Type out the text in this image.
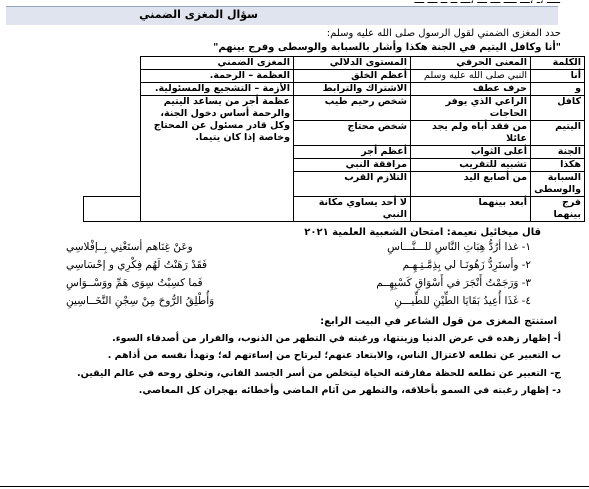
سؤال المغزى الضمني
حدد المغزى الضمني لقول الرسول صلى الله عليه وسلم:
"أنا وكافل اليتيم في الجنة هكذا وأشار بالسبابة والوسطى وفرج بينهم"
الكلمة	المعنى الحرفي	المستوى الدلالي	المغزى الضمني	
أنا	النبي صلى الله عليه وسلم	أعظم الخلق	العظمة – الرحمة.	
و	حرف عطف	الاشتراك والترابط	الأزمة – التشجيع والمسئولية.	
كافل	الراعي الذي يوفر الحاجات	شخص رحيم طيب	عظمة أجر من يساعد اليتيم والرحمة أساس دخول الجنة، وكل قادر مسئول عن المحتاج وخاصة إذا كان يتيما.	
اليتيم	من فقد أباه ولم يجد عائلا	شخص محتاج		
الجنة	أعلى الثواب	أعظم أجر		
هكذا	تشبيه للتقريب	مرافقة النبي		
السبابة والوسطى	من أصابع اليد	التلازم القرب		
فرج بينهما	أبعد بينهما	لا أحد يساوي مكانة النبي		
قال ميخائيل نعيمة: امتحان الشعبية العلمية ٢٠٢١
١- غذا أرُدُّ هِبَاتِ النَّاسِ للـــنَّـــاسِ
وعَنْ غِنَاهم أستَغْنِي بِــإفْلاسِي
٢- وأستَرِدُّ زَهُونَـا لي بِذِمَّـتِـهِـم
فَقَدْ رَهَنْتُ لَهُم فِكْرِي و إحْسَاسِي
٣- وَرَجَمْتُ أَنْجَرَ في أَسْوَاقِ كَسْبِهِــم
فَما كسِبْتُ سِوَى هَمِّ ووَسْــوَاسِ
٤- غَذَا أُعِيدُ بَقَايَا الطِّيْنِ للطِّيـــنِ
وَأُطْلِقُ الرُّوحَ مِنْ سِجْنِ النَّخَــاسِينِ
استنتج المغزى من قول الشاعر في البيت الرابع:
أ- إظهار زهده في عرض الدنيا وزينتها، ورغبته في التطهر من الذنوب، والفرار من أصدقاء السوء.
ب التعبير عن تطلعه لاعتزال الناس، والابتعاد عنهم؛ ليرتاح من إساءتهم له؛ وتهدأ نفسه من أذاهم .
ج- التعبير عن تطلعه للحظة مفارقته الحياة ليتخلص من أسر الجسد الفاني، وتحلق روحه في عالم اليقين.
د- إظهار رغبته في السمو بأخلاقه، والتطهر من آثام الماضي وأخطائه بهجران كل المعاصي.
